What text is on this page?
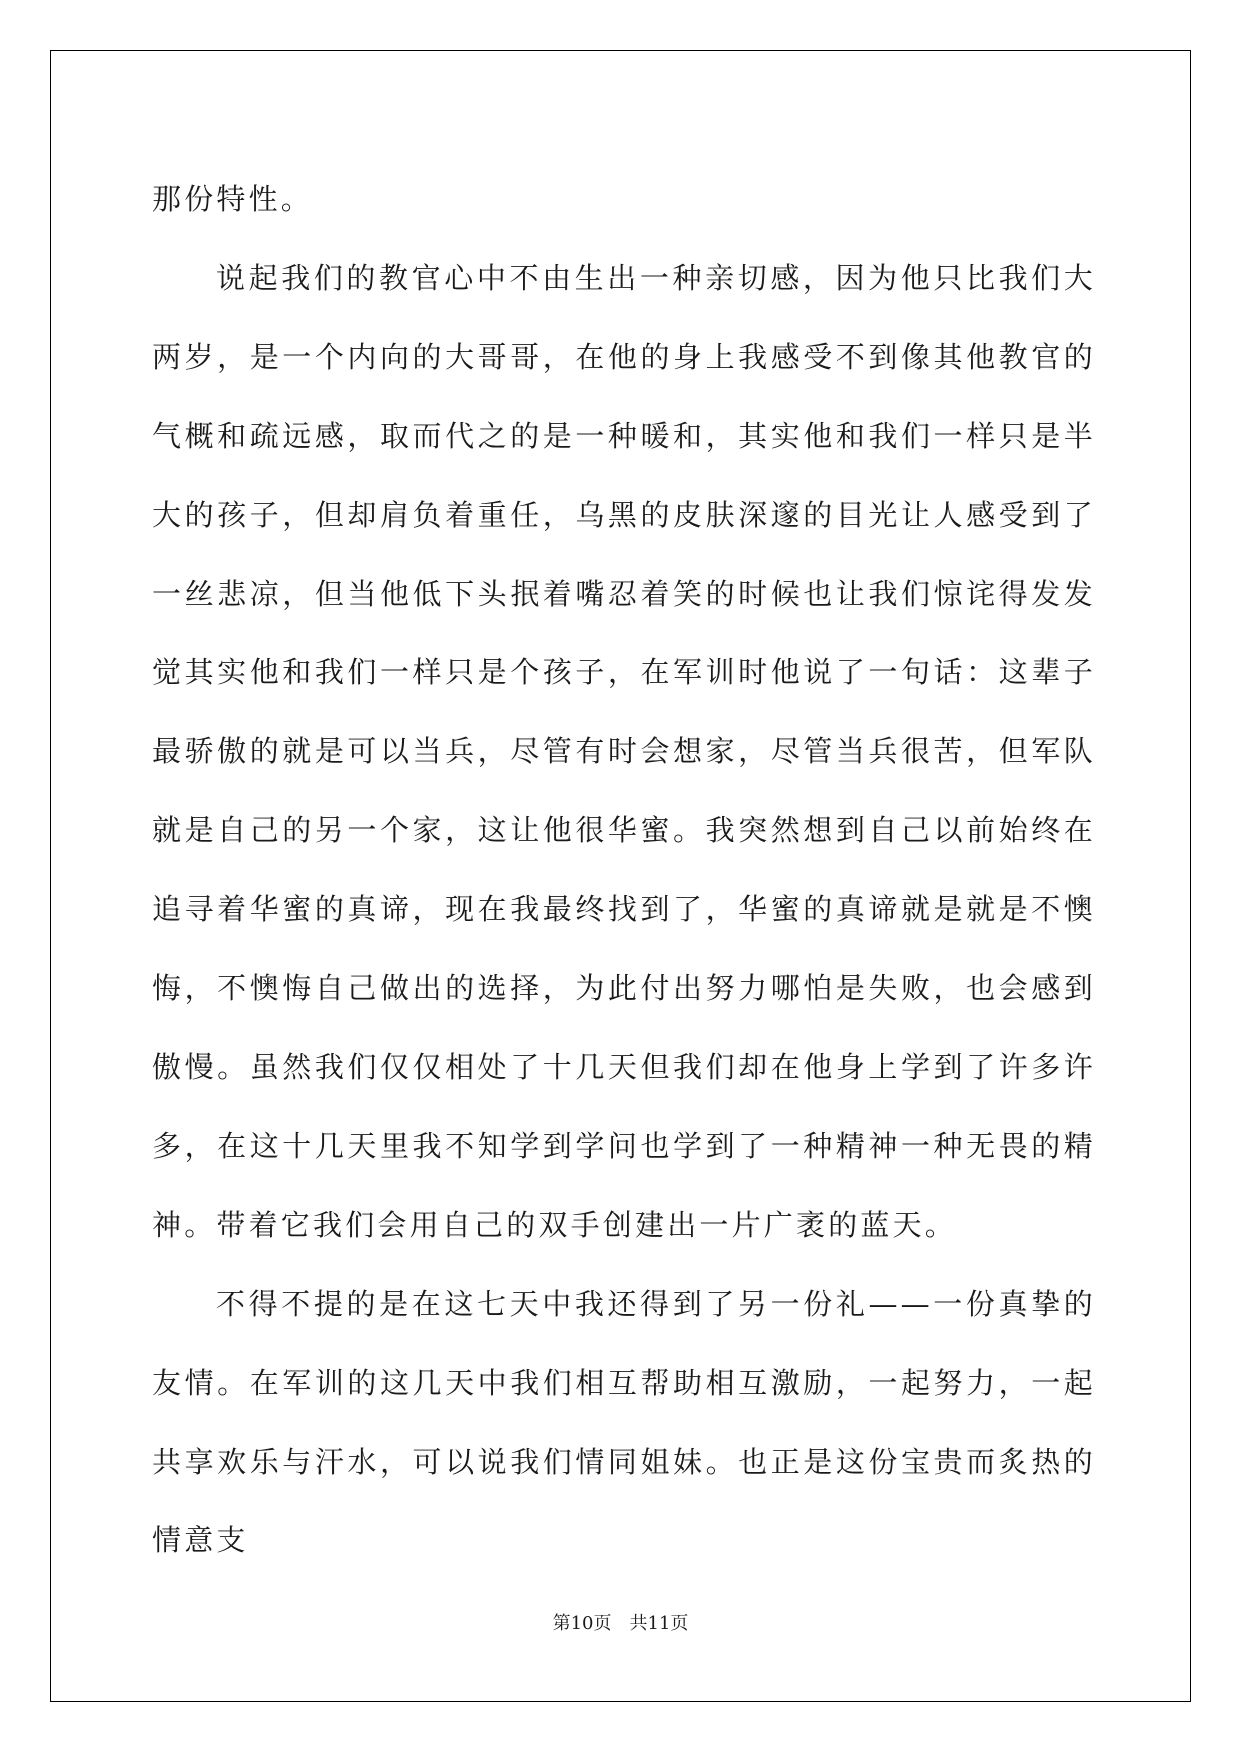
那份特性。

说起我们的教官心中不由生出一种亲切感，因为他只比我们大两岁，是一个内向的大哥哥，在他的身上我感受不到像其他教官的气概和疏远感，取而代之的是一种暖和，其实他和我们一样只是半大的孩子，但却肩负着重任，乌黑的皮肤深邃的目光让人感受到了一丝悲凉，但当他低下头抿着嘴忍着笑的时候也让我们惊诧得发发觉其实他和我们一样只是个孩子，在军训时他说了一句话：这辈子最骄傲的就是可以当兵，尽管有时会想家，尽管当兵很苦，但军队就是自己的另一个家，这让他很华蜜。我突然想到自己以前始终在追寻着华蜜的真谛，现在我最终找到了，华蜜的真谛就是就是不懊悔，不懊悔自己做出的选择，为此付出努力哪怕是失败，也会感到傲慢。虽然我们仅仅相处了十几天但我们却在他身上学到了许多许多，在这十几天里我不知学到学问也学到了一种精神一种无畏的精神。带着它我们会用自己的双手创建出一片广袤的蓝天。

不得不提的是在这七天中我还得到了另一份礼——一份真挚的友情。在军训的这几天中我们相互帮助相互激励，一起努力，一起共享欢乐与汗水，可以说我们情同姐妹。也正是这份宝贵而炙热的情意支

第10页 共11页
